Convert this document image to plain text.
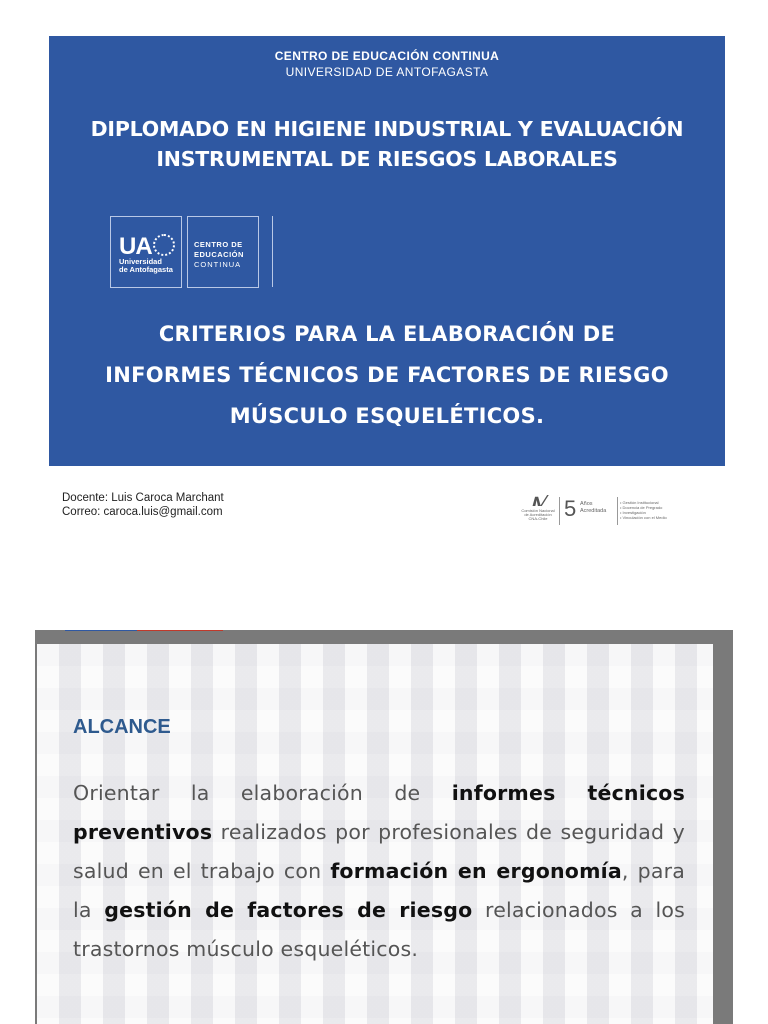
CENTRO DE EDUCACIÓN CONTINUA
UNIVERSIDAD DE ANTOFAGASTA
DIPLOMADO EN HIGIENE INDUSTRIAL Y EVALUACIÓN
INSTRUMENTAL DE RIESGOS LABORALES
UA
Universidad
de Antofagasta
CENTRO DE
EDUCACIÓN
CONTINUA
CRITERIOS PARA LA ELABORACIÓN DE
INFORMES TÉCNICOS DE FACTORES DE RIESGO
MÚSCULO ESQUELÉTICOS.
Docente: Luis Caroca Marchant
Correo: caroca.luis@gmail.com
∧∕
Comisión Nacional
de Acreditación
CNA-Chile 5 Años
Acreditada
• Gestión Institucional
• Docencia de Pregrado
• Investigación
• Vinculación con el Medio
ALCANCE
Orientar la elaboración de informes técnicos preventivos realizados por profesionales de seguridad y salud en el trabajo con formación en ergonomía, para la gestión de factores de riesgo relacionados a los trastornos músculo esqueléticos.
